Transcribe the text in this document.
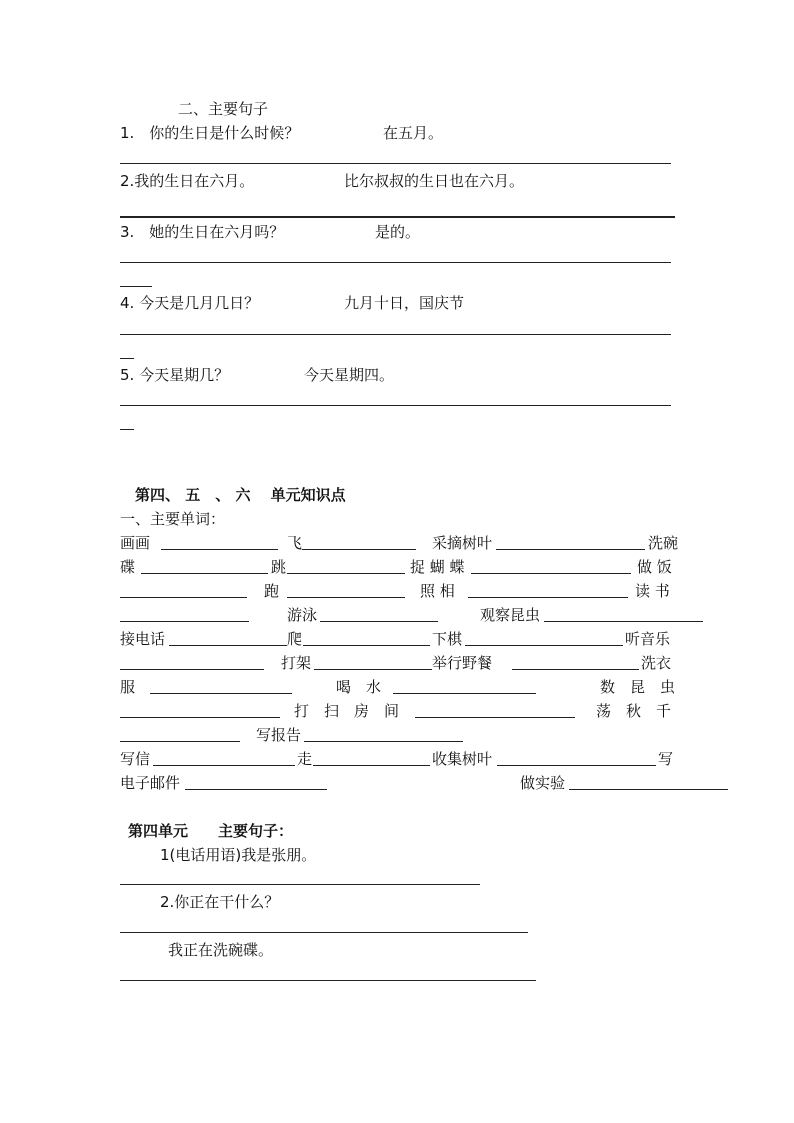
二、主要句子
1.　你的生日是什么时候？	在五月。
2.我的生日在六月。	比尔叔叔的生日也在六月。
3.　她的生日在六月吗？	是的。
4. 今天是几月几日？	九月十日，国庆节
5. 今天星期几？	今天星期四。
第四、 五　、 六　 单元知识点
一、主要单词：
画画	飞	采摘树叶	洗碗
碟	跳	捉 蝴 蝶	做 饭
跑	照 相	读 书
游泳	观察昆虫
接电话	爬	下棋	听音乐
打架	举行野餐	洗衣
服	喝　水	数　昆　虫
打　扫　房　间	荡　秋　千
写报告
写信	走	收集树叶	写
电子邮件	做实验
第四单元　　主要句子：
1(电话用语)我是张朋。
2.你正在干什么？
我正在洗碗碟。
